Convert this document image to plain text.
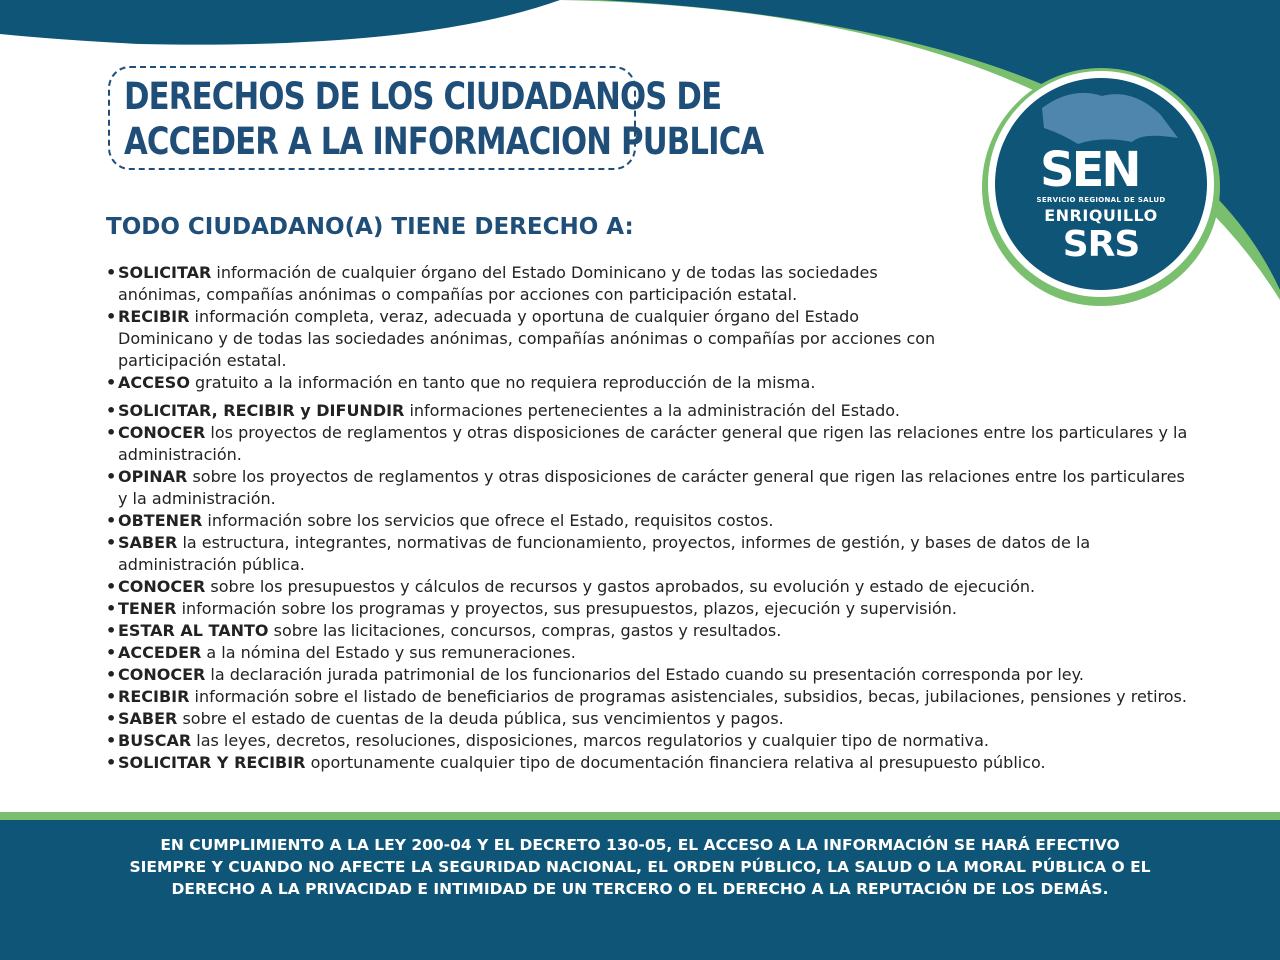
SEN
SERVICIO REGIONAL DE SALUD
ENRIQUILLO
SRS
DERECHOS DE LOS CIUDADANOS DE
ACCEDER A LA INFORMACION PUBLICA
TODO CIUDADANO(A) TIENE DERECHO A:
• SOLICITAR información de cualquier órgano del Estado Dominicano y de todas las sociedades anónimas, compañías anónimas o compañías por acciones con participación estatal.
• RECIBIR información completa, veraz, adecuada y oportuna de cualquier órgano del Estado Dominicano y de todas las sociedades anónimas, compañías anónimas o compañías por acciones con participación estatal.
• ACCESO gratuito a la información en tanto que no requiera reproducción de la misma.
• SOLICITAR, RECIBIR y DIFUNDIR informaciones pertenecientes a la administración del Estado.
• CONOCER los proyectos de reglamentos y otras disposiciones de carácter general que rigen las relaciones entre los particulares y la administración.
• OPINAR sobre los proyectos de reglamentos y otras disposiciones de carácter general que rigen las relaciones entre los particulares y la administración.
• OBTENER información sobre los servicios que ofrece el Estado, requisitos costos.
• SABER la estructura, integrantes, normativas de funcionamiento, proyectos, informes de gestión, y bases de datos de la administración pública.
• CONOCER sobre los presupuestos y cálculos de recursos y gastos aprobados, su evolución y estado de ejecución.
• TENER información sobre los programas y proyectos, sus presupuestos, plazos, ejecución y supervisión.
• ESTAR AL TANTO sobre las licitaciones, concursos, compras, gastos y resultados.
• ACCEDER a la nómina del Estado y sus remuneraciones.
• CONOCER la declaración jurada patrimonial de los funcionarios del Estado cuando su presentación corresponda por ley.
• RECIBIR información sobre el listado de beneficiarios de programas asistenciales, subsidios, becas, jubilaciones, pensiones y retiros.
• SABER sobre el estado de cuentas de la deuda pública, sus vencimientos y pagos.
• BUSCAR las leyes, decretos, resoluciones, disposiciones, marcos regulatorios y cualquier tipo de normativa.
• SOLICITAR Y RECIBIR oportunamente cualquier tipo de documentación financiera relativa al presupuesto público.

EN CUMPLIMIENTO A LA LEY 200-04 Y EL DECRETO 130-05, EL ACCESO A LA INFORMACIÓN SE HARÁ EFECTIVO SIEMPRE Y CUANDO NO AFECTE LA SEGURIDAD NACIONAL, EL ORDEN PÚBLICO, LA SALUD O LA MORAL PÚBLICA O EL DERECHO A LA PRIVACIDAD E INTIMIDAD DE UN TERCERO O EL DERECHO A LA REPUTACIÓN DE LOS DEMÁS.
